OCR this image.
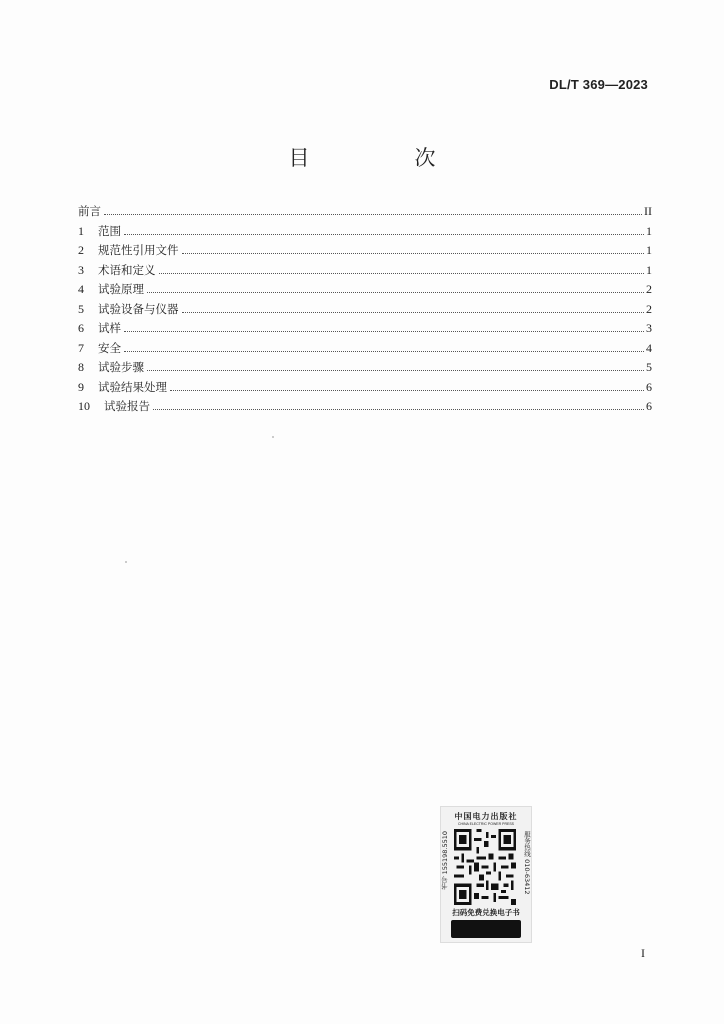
DL/T 369—2023
目　次
前言	II
1	范围	1
2	规范性引用文件	1
3	术语和定义	1
4	试验原理	2
5	试验设备与仪器	2
6	试样	3
7	安全	4
8	试验步骤	5
9	试验结果处理	6
10	试验报告	6
中国电力出版社
CHINA ELECTRIC POWER PRESS
书号 155198.5510	服务热线 010-63412
扫码免费兑换电子书
I
